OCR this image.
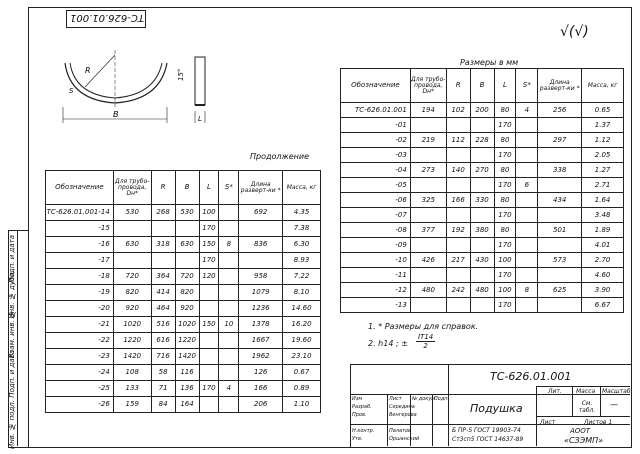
Инв. № подл.
Подп. и дата
Взам. инв. №
Инв. № дубл.
Подп. и дата
TC-626.01.001
√(√)
R
S
B
15°
L
Продолжение
Обозначение	Для трубо-провода, Dн*	R	B	L	S*	Длина разверт-ки *	Масса, кг
TC-626.01.001-14	530	268	530	100		692	4.35
-15				170			7.38
-16	630	318	630	150	8	836	6.30
-17				170			8.93
-18	720	364	720	120		958	7.22
-19	820	414	820			1079	8.10
-20	920	464	920			1236	14.60
-21	1020	516	1020	150	10	1378	16.20
-22	1220	616	1220			1667	19.60
-23	1420	716	1420			1962	23.10
-24	108	58	116			126	0.67
-25	133	71	136	170	4	166	0.89
-26	159	84	164			206	1.10
Размеры в мм
Обозначение	Для трубо-провода, Dн*	R	B	L	S*	Длина разверт-ки *	Масса, кг
TC-626.01.001	194	102	200	80	4	256	0.65
-01				170			1.37
-02	219	112	228	80		297	1.12
-03				170			2.05
-04	273	140	270	80		338	1.27
-05				170	6		2.71
-06	325	166	330	80		434	1.64
-07				170			3.48
-08	377	192	380	80		501	1.89
-09				170			4.01
-10	426	217	430	100		573	2.70
-11				170			4.60
-12	480	242	480	100	8	625	3.90
-13				170			6.67
1. * Размеры для справок.
2. h14 ; ± $\frac{IT14}{2}$
TC-626.01.001
Подушка
Лит. Масса Масштаб
См. табл.
—
Лист	Листов 1
АООТ
«СЗЭМП»
Б ПР-5 ГОСТ 19903-74
Ст3сп5 ГОСТ 14637-89
Изм	Лист № докум.
Подп.
Разраб.	Середина
Пров.	Венгерова
Н.контр.	Палатов
Утв.	Оршанский
